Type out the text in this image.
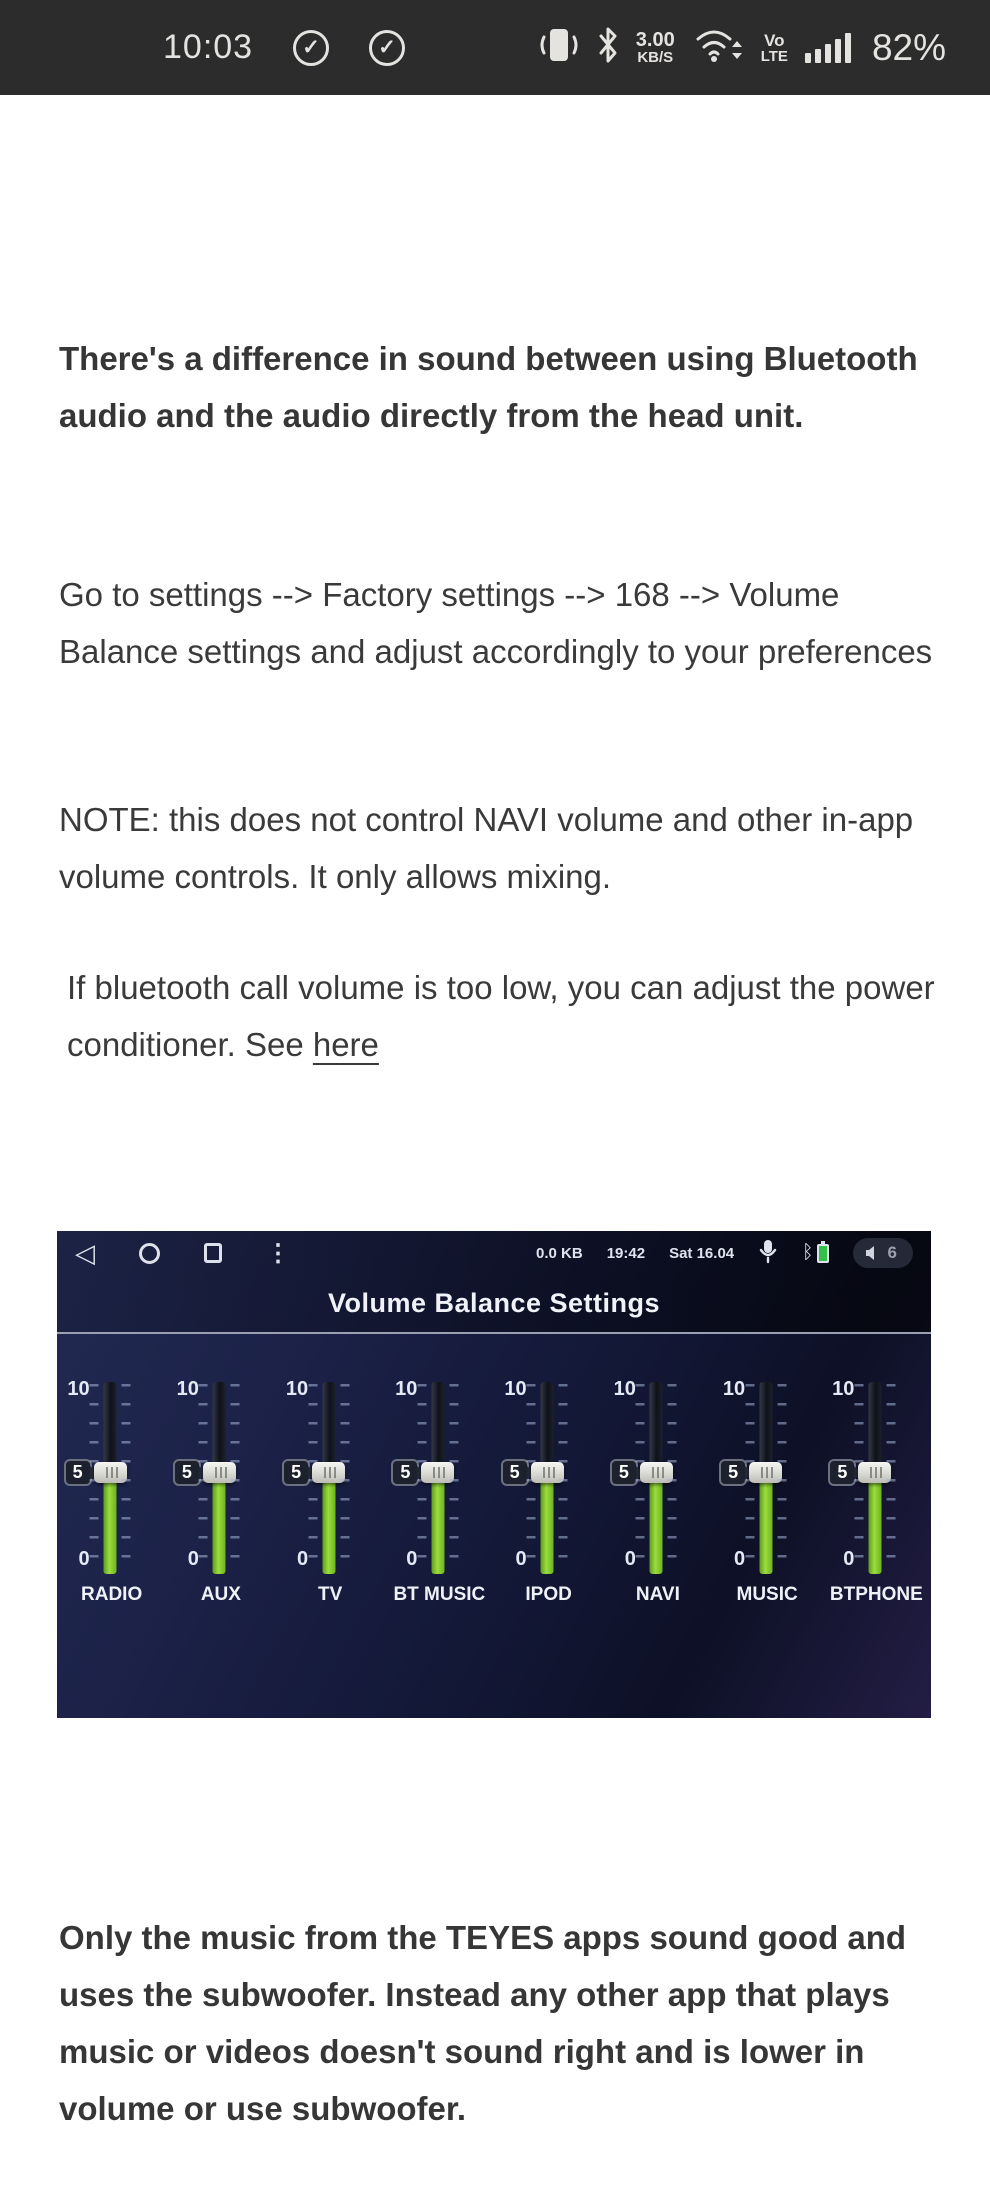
10:03	✓	✓	3.00
KB/S
Vo
LTE 82%

There's a difference in sound between using Bluetooth audio and the audio directly from the head unit.

Go to settings --> Factory settings --> 168 --> Volume Balance settings and adjust accordingly to your preferences

NOTE: this does not control NAVI volume and other in-app volume controls. It only allows mixing.

If bluetooth call volume is too low, you can adjust the power conditioner. See here

◁	⋮	0.0 KB 19:42 Sat 16.04	ᛒ	6
Volume Balance Settings
10
5
0
RADIO
10
5
0
AUX
10
5
0
TV
10
5
0
BT MUSIC
10
5
0
IPOD
10
5
0
NAVI
10
5
0
MUSIC
10
5
0
BTPHONE

Only the music from the TEYES apps sound good and uses the subwoofer. Instead any other app that plays music or videos doesn't sound right and is lower in volume or use subwoofer.
